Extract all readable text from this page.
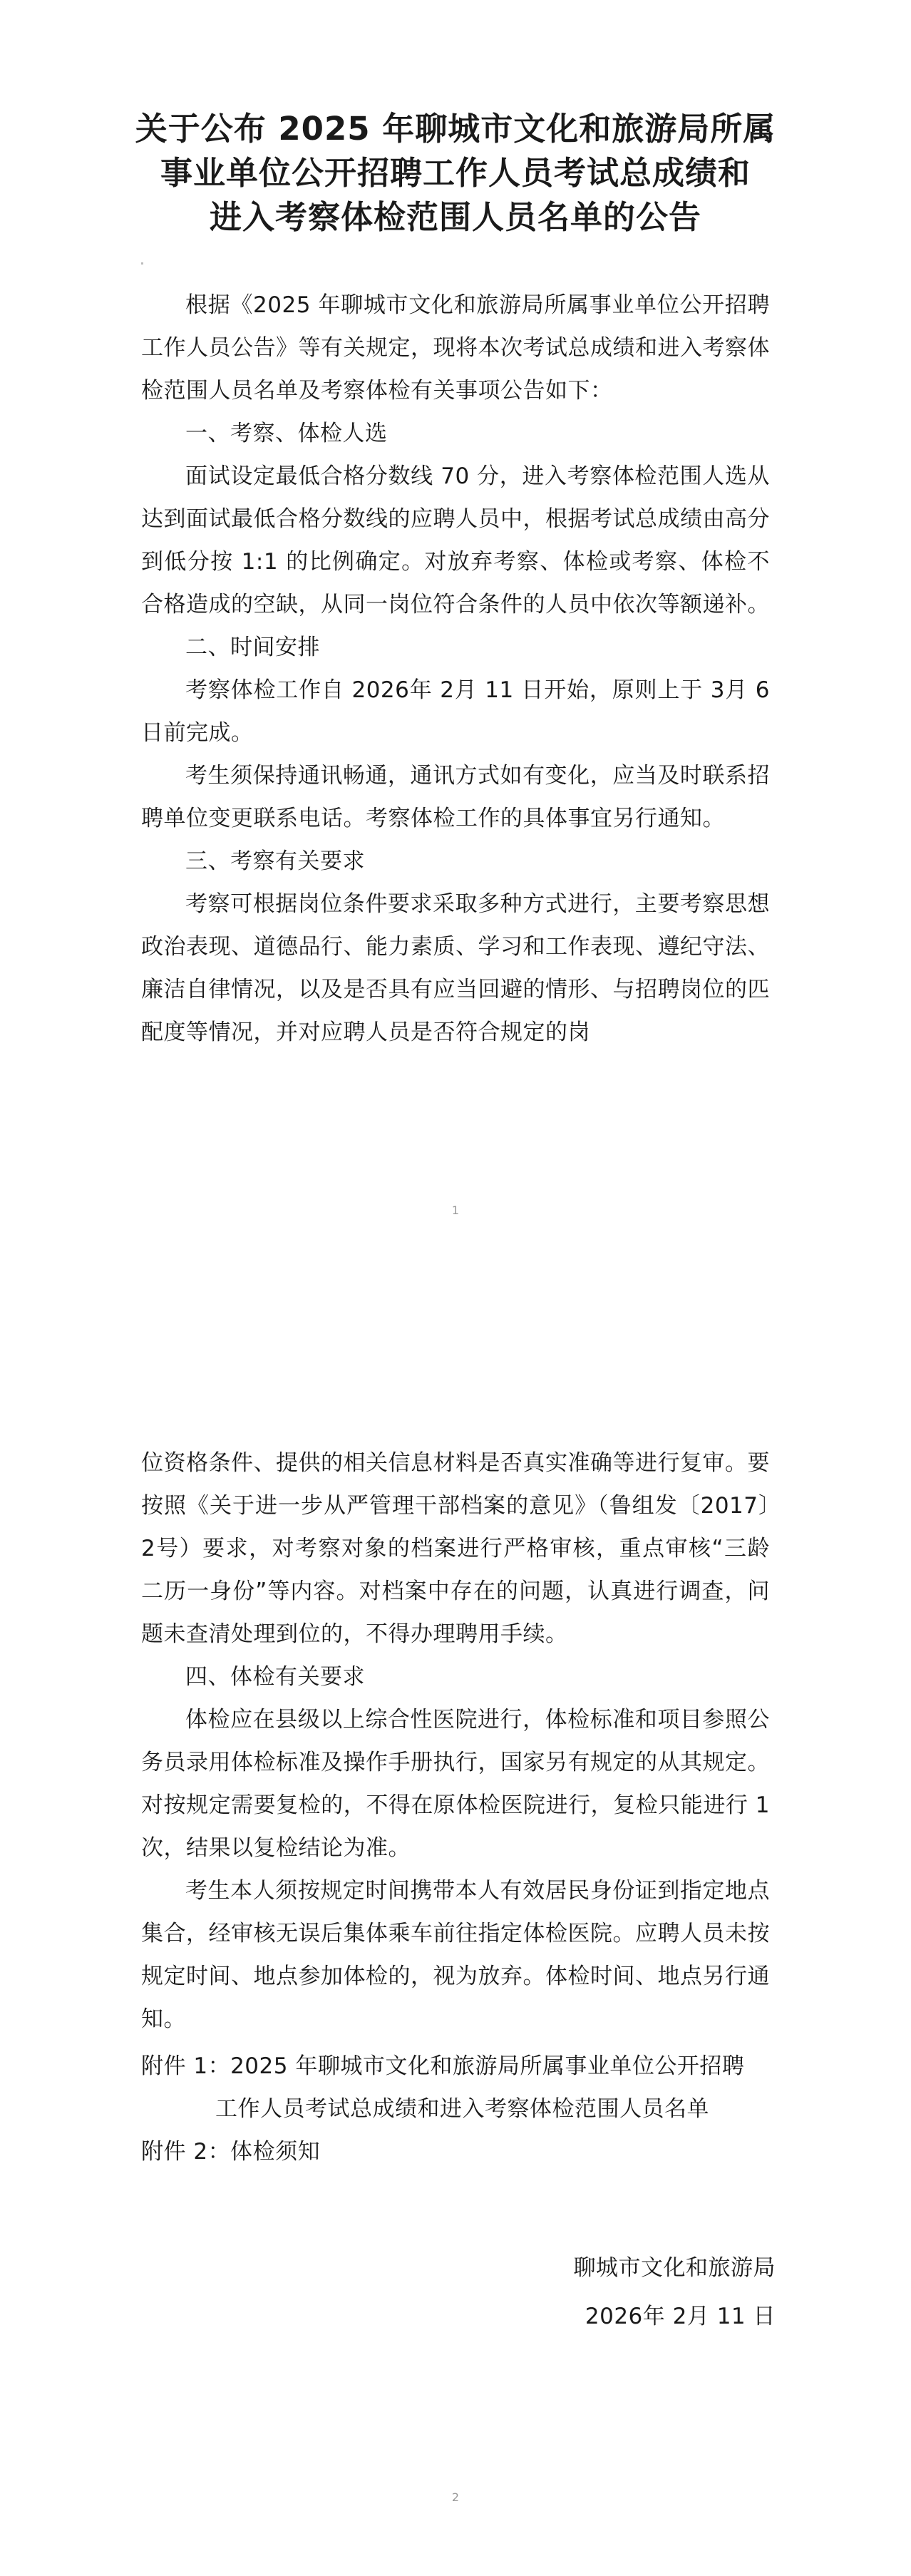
关于公布 2025 年聊城市文化和旅游局所属
事业单位公开招聘工作人员考试总成绩和
进入考察体检范围人员名单的公告

根据《2025 年聊城市文化和旅游局所属事业单位公开招聘工作人员公告》等有关规定，现将本次考试总成绩和进入考察体检范围人员名单及考察体检有关事项公告如下：

一、考察、体检人选

面试设定最低合格分数线 70 分，进入考察体检范围人选从达到面试最低合格分数线的应聘人员中，根据考试总成绩由高分到低分按 1:1 的比例确定。对放弃考察、体检或考察、体检不合格造成的空缺，从同一岗位符合条件的人员中依次等额递补。

二、时间安排

考察体检工作自 2026年 2月 11 日开始，原则上于 3月 6日前完成。

考生须保持通讯畅通，通讯方式如有变化，应当及时联系招聘单位变更联系电话。考察体检工作的具体事宜另行通知。

三、考察有关要求

考察可根据岗位条件要求采取多种方式进行，主要考察思想政治表现、道德品行、能力素质、学习和工作表现、遵纪守法、廉洁自律情况，以及是否具有应当回避的情形、与招聘岗位的匹配度等情况，并对应聘人员是否符合规定的岗

1

位资格条件、提供的相关信息材料是否真实准确等进行复审。要按照《关于进一步从严管理干部档案的意见》（鲁组发〔2017〕2号）要求，对考察对象的档案进行严格审核，重点审核“三龄二历一身份”等内容。对档案中存在的问题，认真进行调查，问题未查清处理到位的，不得办理聘用手续。

四、体检有关要求

体检应在县级以上综合性医院进行，体检标准和项目参照公务员录用体检标准及操作手册执行，国家另有规定的从其规定。对按规定需要复检的，不得在原体检医院进行，复检只能进行 1次，结果以复检结论为准。

考生本人须按规定时间携带本人有效居民身份证到指定地点集合，经审核无误后集体乘车前往指定体检医院。应聘人员未按规定时间、地点参加体检的，视为放弃。体检时间、地点另行通知。

附件 1：2025 年聊城市文化和旅游局所属事业单位公开招聘
工作人员考试总成绩和进入考察体检范围人员名单
附件 2：体检须知
聊城市文化和旅游局
2026年 2月 11 日
2
